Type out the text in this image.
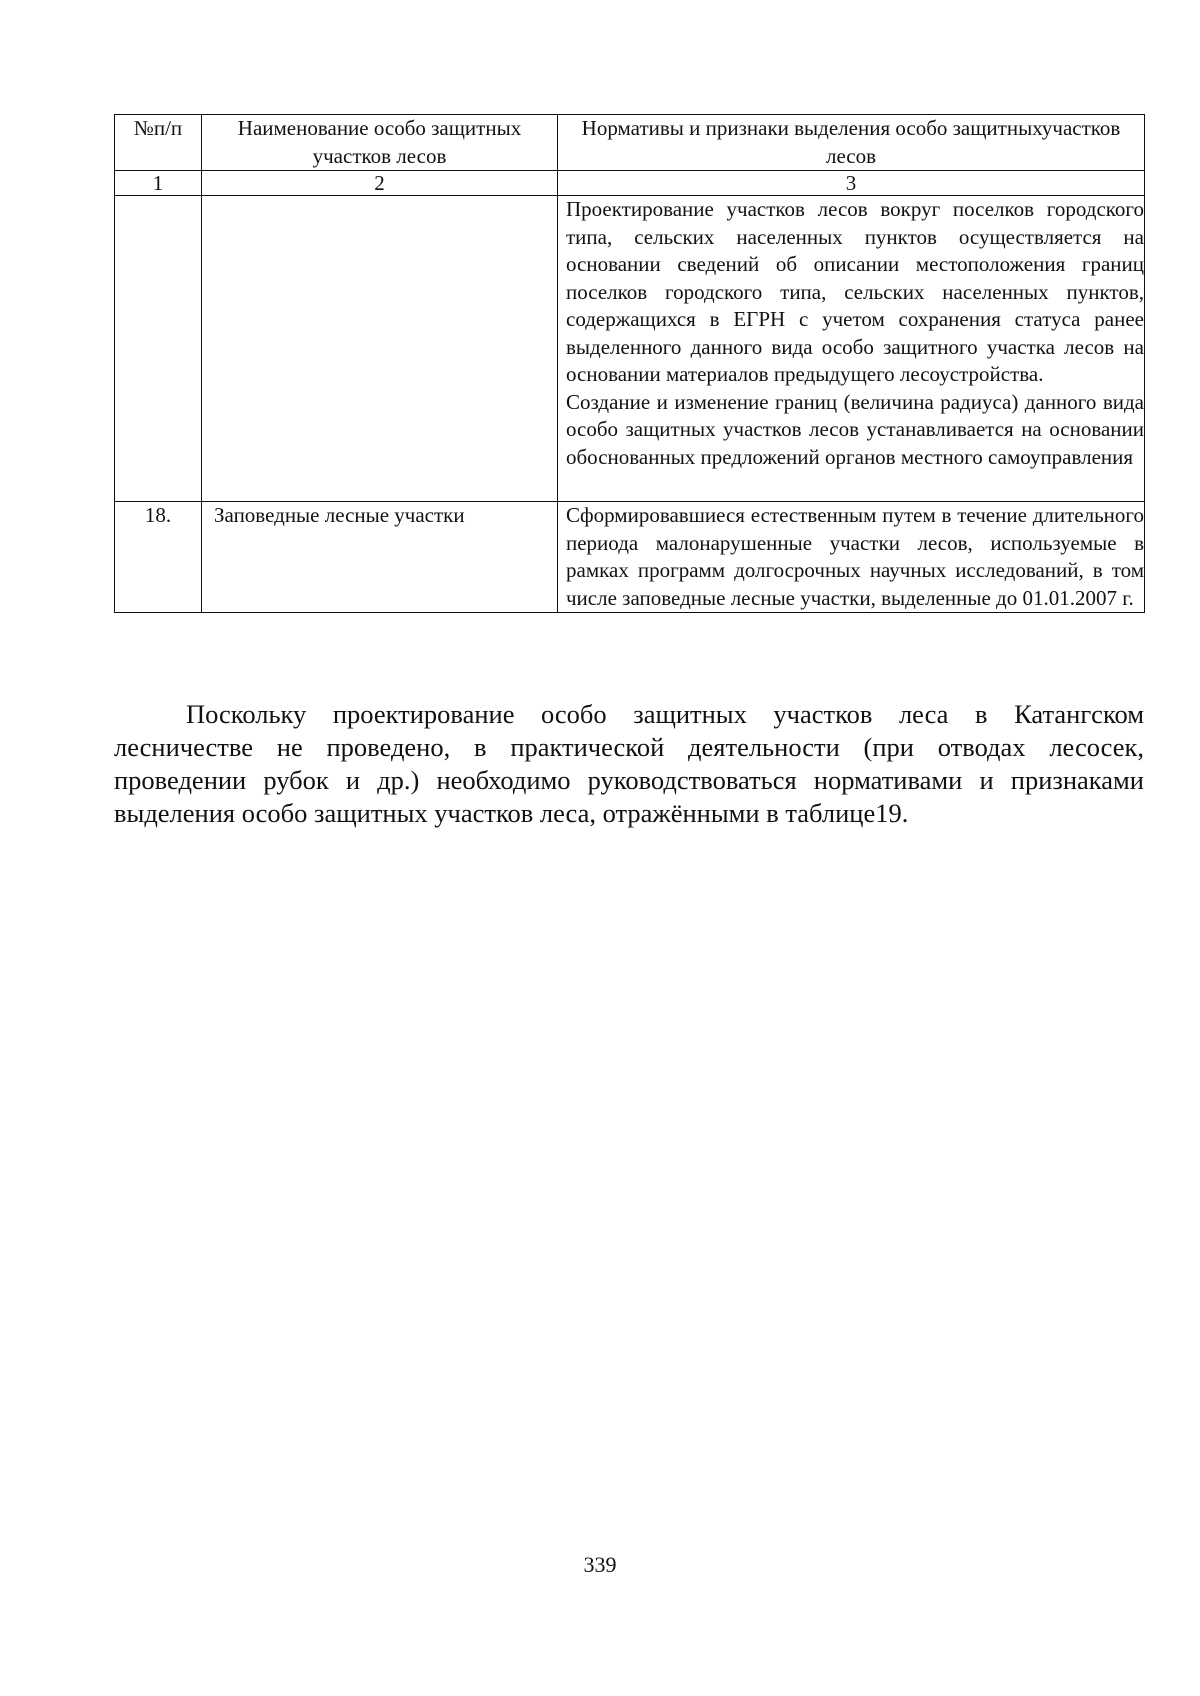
№п/п	Наименование особо защитных участков лесов	Нормативы и признаки выделения особо защитныхучастков лесов
1	2	3

		Проектирование участков лесов вокруг поселков городского типа, сельских населенных пунктов осуществляется на основании сведений об описании местоположения границ поселков городского типа, сельских населенных пунктов, содержащихся в ЕГРН с учетом сохранения статуса ранее выделенного данного вида особо защитного участка лесов на основании материалов предыдущего лесоустройства.

Создание и изменение границ (величина радиуса) данного вида особо защитных участков лесов устанавливается на основании обоснованных предложений органов местного самоуправления

18.	Заповедные лесные участки	Сформировавшиеся естественным путем в течение длительного периода малонарушенные участки лесов, используемые в рамках программ долгосрочных научных исследований, в том числе заповедные лесные участки, выделенные до 01.01.2007 г.

Поскольку проектирование особо защитных участков леса в Катангском лесничестве не проведено, в практической деятельности (при отводах лесосек, проведении рубок и др.) необходимо руководствоваться нормативами и признаками выделения особо защитных участков леса, отражёнными в таблице19.

339
